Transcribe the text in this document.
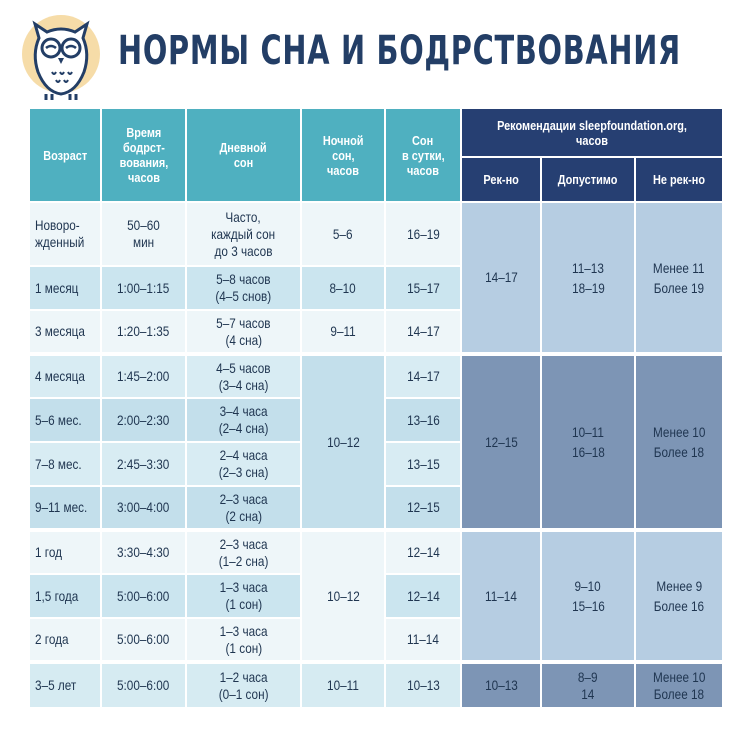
НОРМЫ СНА И БОДРСТВОВАНИЯ
Возраст	Время
бодрст-
вования,
часов	Дневной
сон	Ночной
сон,
часов	Сон
в сутки,
часов	Рекомендации sleepfoundation.org,
часов		
					Рек-но	Допустимо	Не рек-но
Новоро-
жденный	50–60
мин	Часто,
каждый сон
до 3 часов	5–6	16–19	14–17	11–13
18–19	Менее 11
Более 19
1 месяц	1:00–1:15	5–8 часов
(4–5 снов)	8–10	15–17			
3 месяца	1:20–1:35	5–7 часов
(4 сна)	9–11	14–17			
4 месяца	1:45–2:00	4–5 часов
(3–4 сна)	10–12	14–17	12–15	10–11
16–18	Менее 10
Более 18
5–6 мес.	2:00–2:30	3–4 часа
(2–4 сна)		13–16			
7–8 мес.	2:45–3:30	2–4 часа
(2–3 сна)		13–15			
9–11 мес.	3:00–4:00	2–3 часа
(2 сна)		12–15			
1 год	3:30–4:30	2–3 часа
(1–2 сна)	10–12	12–14	11–14	9–10
15–16	Менее 9
Более 16
1,5 года	5:00–6:00	1–3 часа
(1 сон)		12–14			
2 года	5:00–6:00	1–3 часа
(1 сон)		11–14			
3–5 лет	5:00–6:00	1–2 часа
(0–1 сон)	10–11	10–13	10–13	8–9
14	Менее 10
Более 18
